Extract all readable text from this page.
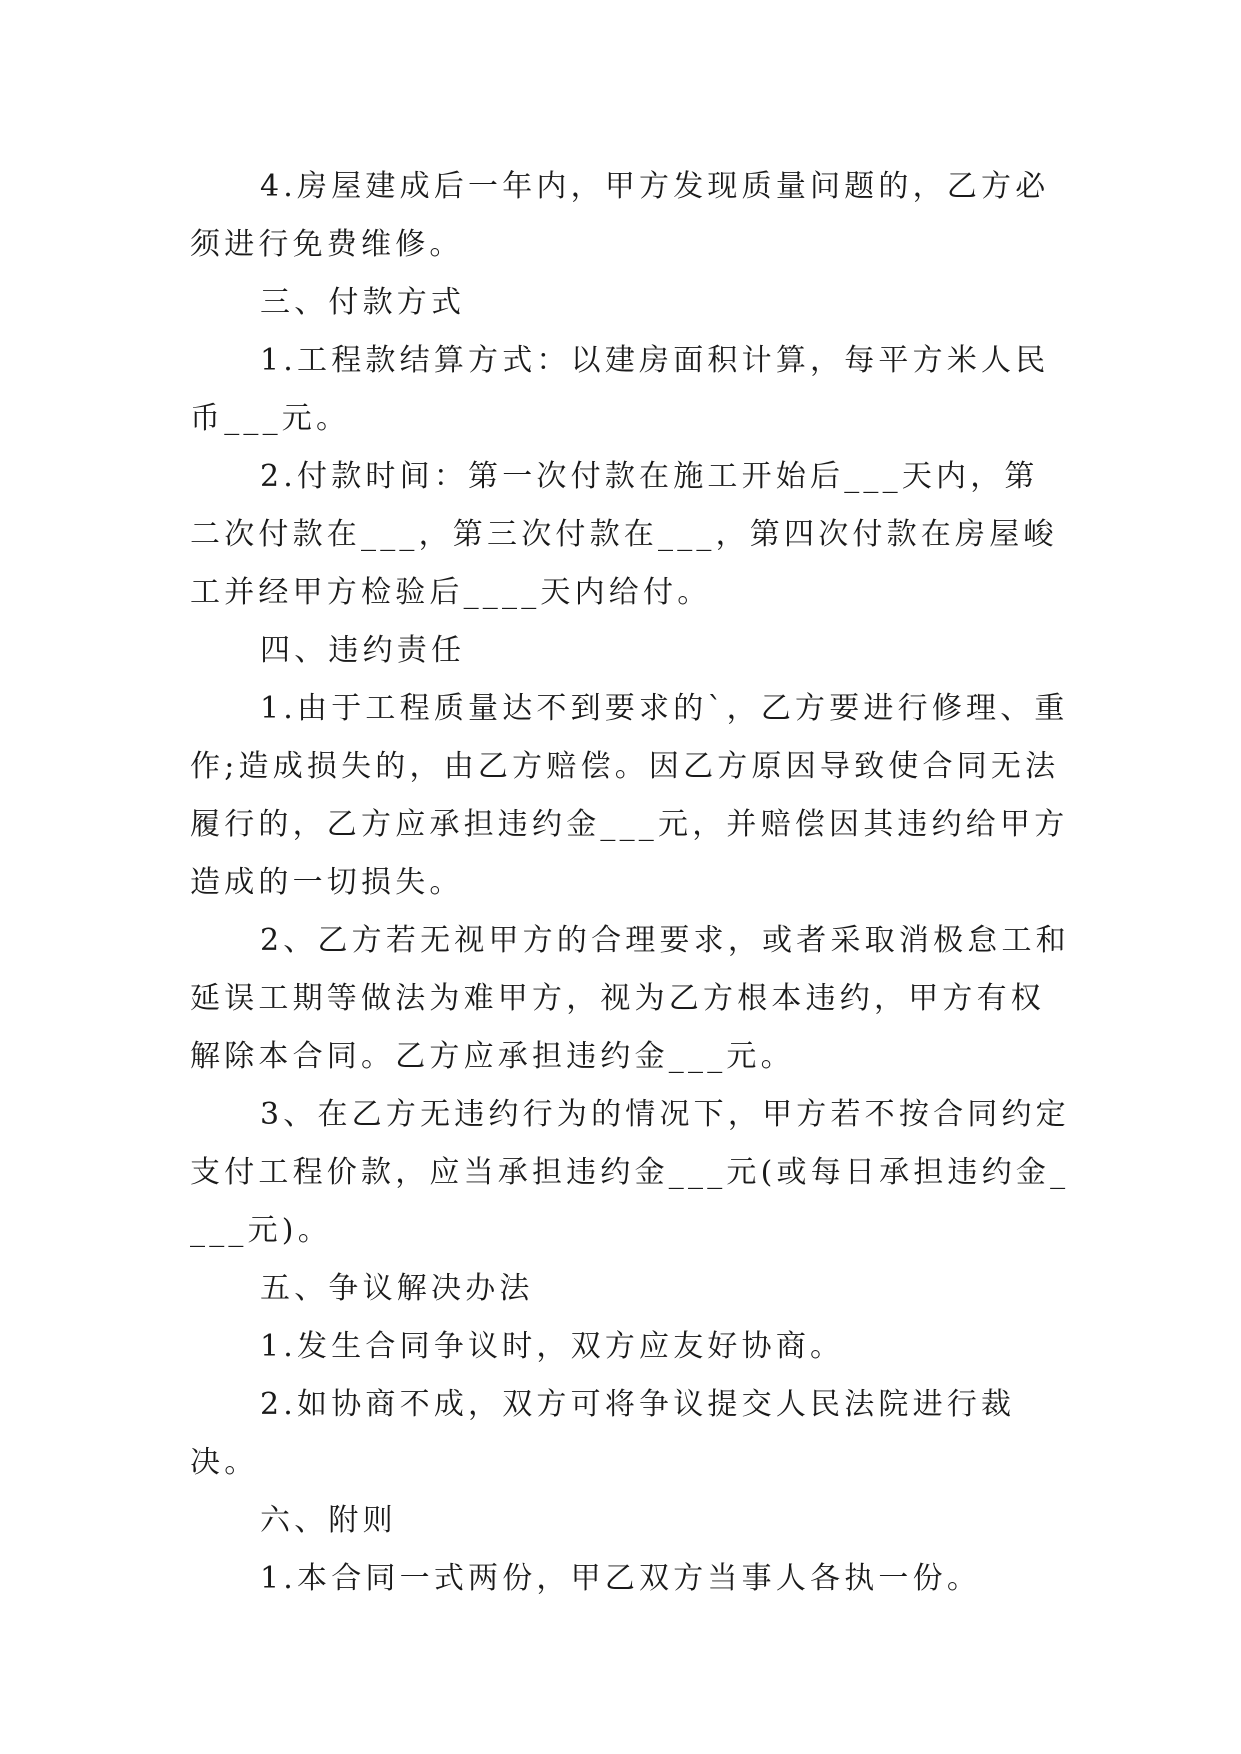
4.房屋建成后一年内，甲方发现质量问题的，乙方必须进行免费维修。

三、付款方式

1.工程款结算方式：以建房面积计算，每平方米人民币___元。

2.付款时间：第一次付款在施工开始后___天内，第二次付款在___，第三次付款在___，第四次付款在房屋峻工并经甲方检验后____天内给付。

四、违约责任

1.由于工程质量达不到要求的`，乙方要进行修理、重作;造成损失的，由乙方赔偿。因乙方原因导致使合同无法履行的，乙方应承担违约金___元，并赔偿因其违约给甲方造成的一切损失。

2、乙方若无视甲方的合理要求，或者采取消极怠工和延误工期等做法为难甲方，视为乙方根本违约，甲方有权解除本合同。乙方应承担违约金___元。

3、在乙方无违约行为的情况下，甲方若不按合同约定支付工程价款，应当承担违约金___元(或每日承担违约金____元)。

五、争议解决办法

1.发生合同争议时，双方应友好协商。

2.如协商不成，双方可将争议提交人民法院进行裁决。

六、附则

1.本合同一式两份，甲乙双方当事人各执一份。
